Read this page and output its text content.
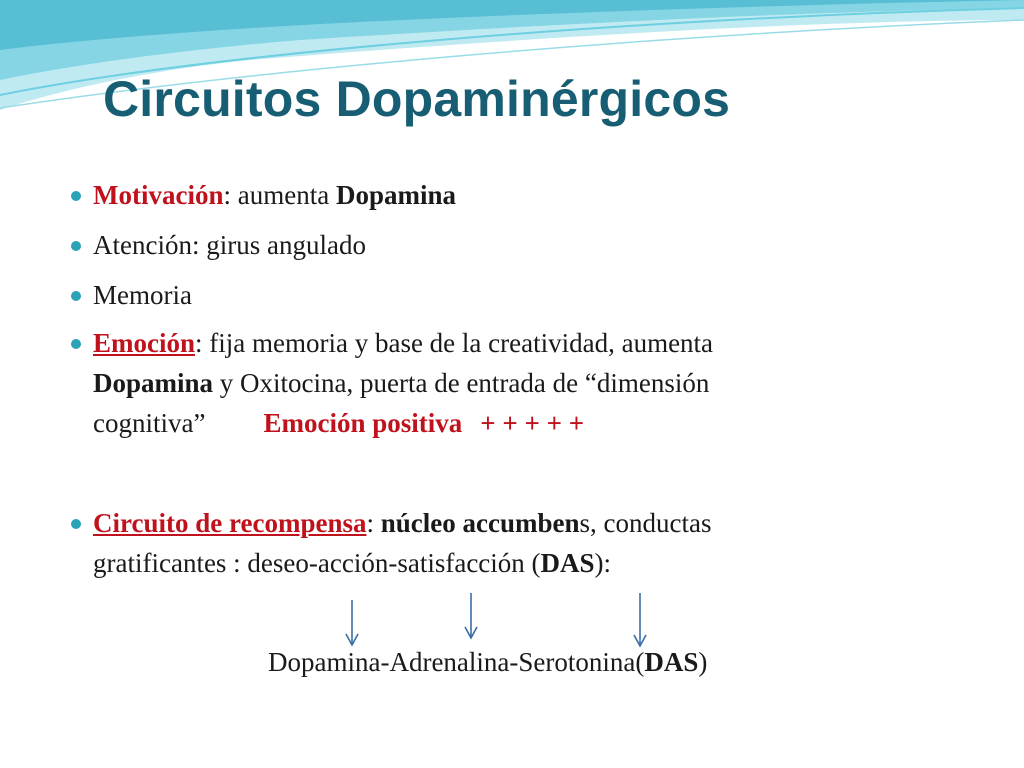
Circuitos Dopaminérgicos
Motivación: aumenta Dopamina
Atención: girus angulado
Memoria
Emoción: fija memoria y base de la creatividad, aumenta
Dopamina y Oxitocina, puerta de entrada de “dimensión
cognitiva” Emoción positiva + + + + +
Circuito de recompensa: núcleo accumbens, conductas
gratificantes : deseo-acción-satisfacción (DAS):
Dopamina-Adrenalina-Serotonina(DAS)
